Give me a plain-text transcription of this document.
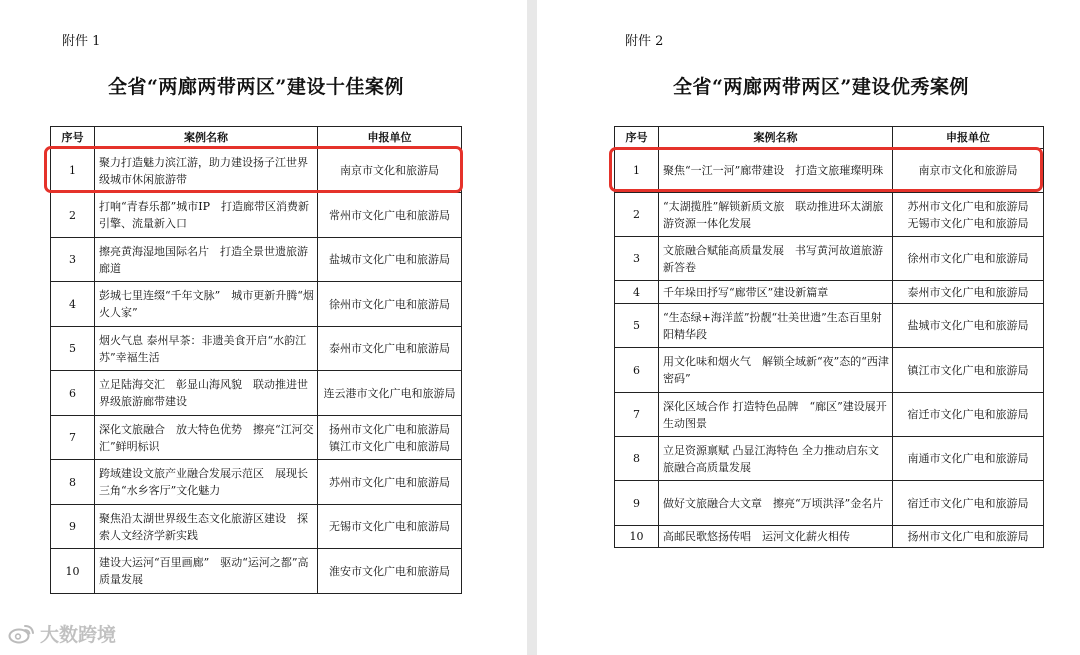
附件 1
全省“两廊两带两区”建设十佳案例
序号	案例名称	申报单位
1	聚力打造魅力滨江游，助力建设扬子江世界级城市休闲旅游带	南京市文化和旅游局
2	打响“青春乐都”城市IP　打造廊带区消费新引擎、流量新入口	常州市文化广电和旅游局
3	擦亮黄海湿地国际名片　打造全景世遗旅游廊道	盐城市文化广电和旅游局
4	彭城七里连缀“千年文脉”　城市更新升腾“烟火人家”	徐州市文化广电和旅游局
5	烟火气息 泰州早茶：非遗美食开启“水韵江苏”幸福生活	泰州市文化广电和旅游局
6	立足陆海交汇　彰显山海风貌　联动推进世界级旅游廊带建设	连云港市文化广电和旅游局
7	深化文旅融合　放大特色优势　擦亮“江河交汇”鲜明标识	扬州市文化广电和旅游局
镇江市文化广电和旅游局

8	跨域建设文旅产业融合发展示范区　展现长三角“水乡客厅”文化魅力	苏州市文化广电和旅游局
9	聚焦沿太湖世界级生态文化旅游区建设　探索人文经济学新实践	无锡市文化广电和旅游局
10	建设大运河“百里画廊”　驱动“运河之都”高质量发展	淮安市文化广电和旅游局
大数跨境
附件 2
全省“两廊两带两区”建设优秀案例
序号	案例名称	申报单位
1	聚焦“一江一河”廊带建设　打造文旅璀璨明珠	南京市文化和旅游局
2	“太湖揽胜”解锁新质文旅　联动推进环太湖旅游资源一体化发展	苏州市文化广电和旅游局
无锡市文化广电和旅游局

3	文旅融合赋能高质量发展　书写黄河故道旅游新答卷	徐州市文化广电和旅游局
4	千年垛田抒写“廊带区”建设新篇章	泰州市文化广电和旅游局
5	“生态绿+海洋蓝”扮靓“壮美世遗”生态百里射阳精华段	盐城市文化广电和旅游局
6	用文化味和烟火气　解锁全域新“夜”态的“西津密码”	镇江市文化广电和旅游局
7	深化区域合作 打造特色品牌　“廊区”建设展开生动图景	宿迁市文化广电和旅游局
8	立足资源禀赋 凸显江海特色 全力推动启东文旅融合高质量发展	南通市文化广电和旅游局
9	做好文旅融合大文章　擦亮“万顷洪泽”金名片	宿迁市文化广电和旅游局
10	高邮民歌悠扬传唱　运河文化薪火相传	扬州市文化广电和旅游局
